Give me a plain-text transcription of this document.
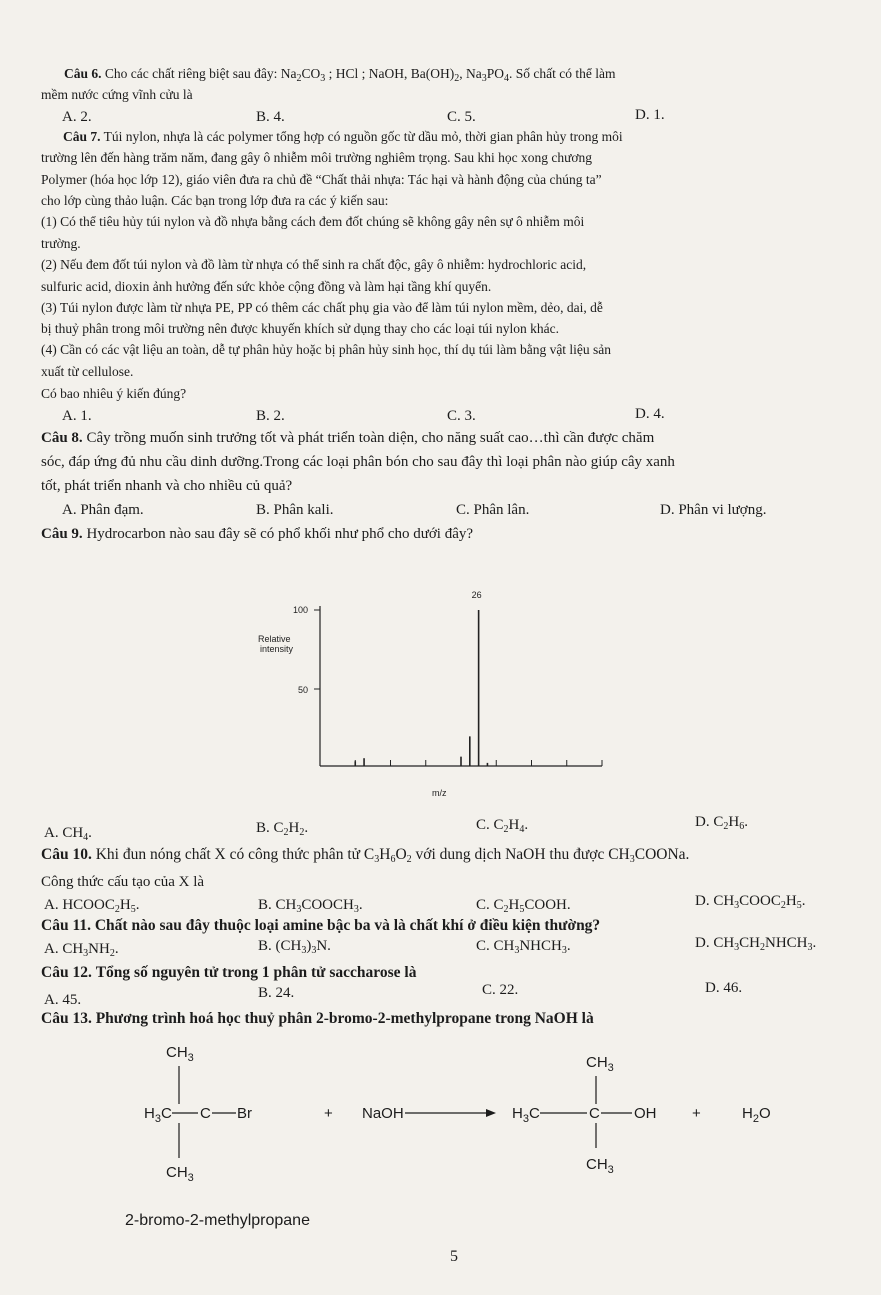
Câu 6. Cho các chất riêng biệt sau đây: $Na_2CO_3$ ; HCl ; NaOH, $Ba(OH)_2$, $Na_3PO_4$. Số chất có thể làm
mềm nước cứng vĩnh cửu là
A. 2.	B. 4.	C. 5.	D. 1.
Câu 7. Túi nylon, nhựa là các polymer tổng hợp có nguồn gốc từ dầu mỏ, thời gian phân hủy trong môi
trường lên đến hàng trăm năm, đang gây ô nhiễm môi trường nghiêm trọng. Sau khi học xong chương
Polymer (hóa học lớp 12), giáo viên đưa ra chủ đề “Chất thải nhựa: Tác hại và hành động của chúng ta”
cho lớp cùng thảo luận. Các bạn trong lớp đưa ra các ý kiến sau:
(1) Có thể tiêu hủy túi nylon và đồ nhựa bằng cách đem đốt chúng sẽ không gây nên sự ô nhiễm môi
trường.
(2) Nếu đem đốt túi nylon và đồ làm từ nhựa có thể sinh ra chất độc, gây ô nhiễm: hydrochloric acid,
sulfuric acid, dioxin ảnh hưởng đến sức khỏe cộng đồng và làm hại tầng khí quyển.
(3) Túi nylon được làm từ nhựa PE, PP có thêm các chất phụ gia vào để làm túi nylon mềm, dẻo, dai, dễ
bị thuỷ phân trong môi trường nên được khuyến khích sử dụng thay cho các loại túi nylon khác.
(4) Cần có các vật liệu an toàn, dễ tự phân hủy hoặc bị phân hủy sinh học, thí dụ túi làm bằng vật liệu sản
xuất từ cellulose.
Có bao nhiêu ý kiến đúng?
A. 1.	B. 2.	C. 3.	D. 4.
Câu 8. Cây trồng muốn sinh trưởng tốt và phát triển toàn diện, cho năng suất cao…thì cần được chăm
sóc, đáp ứng đủ nhu cầu dinh dưỡng.Trong các loại phân bón cho sau đây thì loại phân nào giúp cây xanh
tốt, phát triển nhanh và cho nhiều củ quả?
A. Phân đạm.	B. Phân kali.	C. Phân lân.	D. Phân vi lượng.
Câu 9. Hydrocarbon nào sau đây sẽ có phổ khối như phổ cho dưới đây?
100
50
Relative
intensity
m/z
26
A. $CH_4$.	B. $C_2H_2$.	C. $C_2H_4$.	D. $C_2H_6$.
Câu 10. Khi đun nóng chất X có công thức phân tử $C_3H_6O_2$ với dung dịch NaOH thu được $CH_3COONa$.
Công thức cấu tạo của X là
A. $HCOOC_2H_5$.	B. $CH_3COOCH_3$.	C. $C_2H_5COOH$.	D. $CH_3COOC_2H_5$.
Câu 11. Chất nào sau đây thuộc loại amine bậc ba và là chất khí ở điều kiện thường?
A. $CH_3NH_2$.	B. $(CH_3)_3N$.	C. $CH_3NHCH_3$.	D. $CH_3CH_2NHCH_3$.
Câu 12. Tổng số nguyên tử trong 1 phân tử saccharose là
A. 45.	B. 24.	C. 22.	D. 46.
Câu 13. Phương trình hoá học thuỷ phân 2-bromo-2-methylpropane trong NaOH là
$CH_3$
$H_3C$ C Br
$CH_3$
+ NaOH
$CH_3$
$H_3C$	C OH
$CH_3$
+	$H_2O$
2-bromo-2-methylpropane
5
